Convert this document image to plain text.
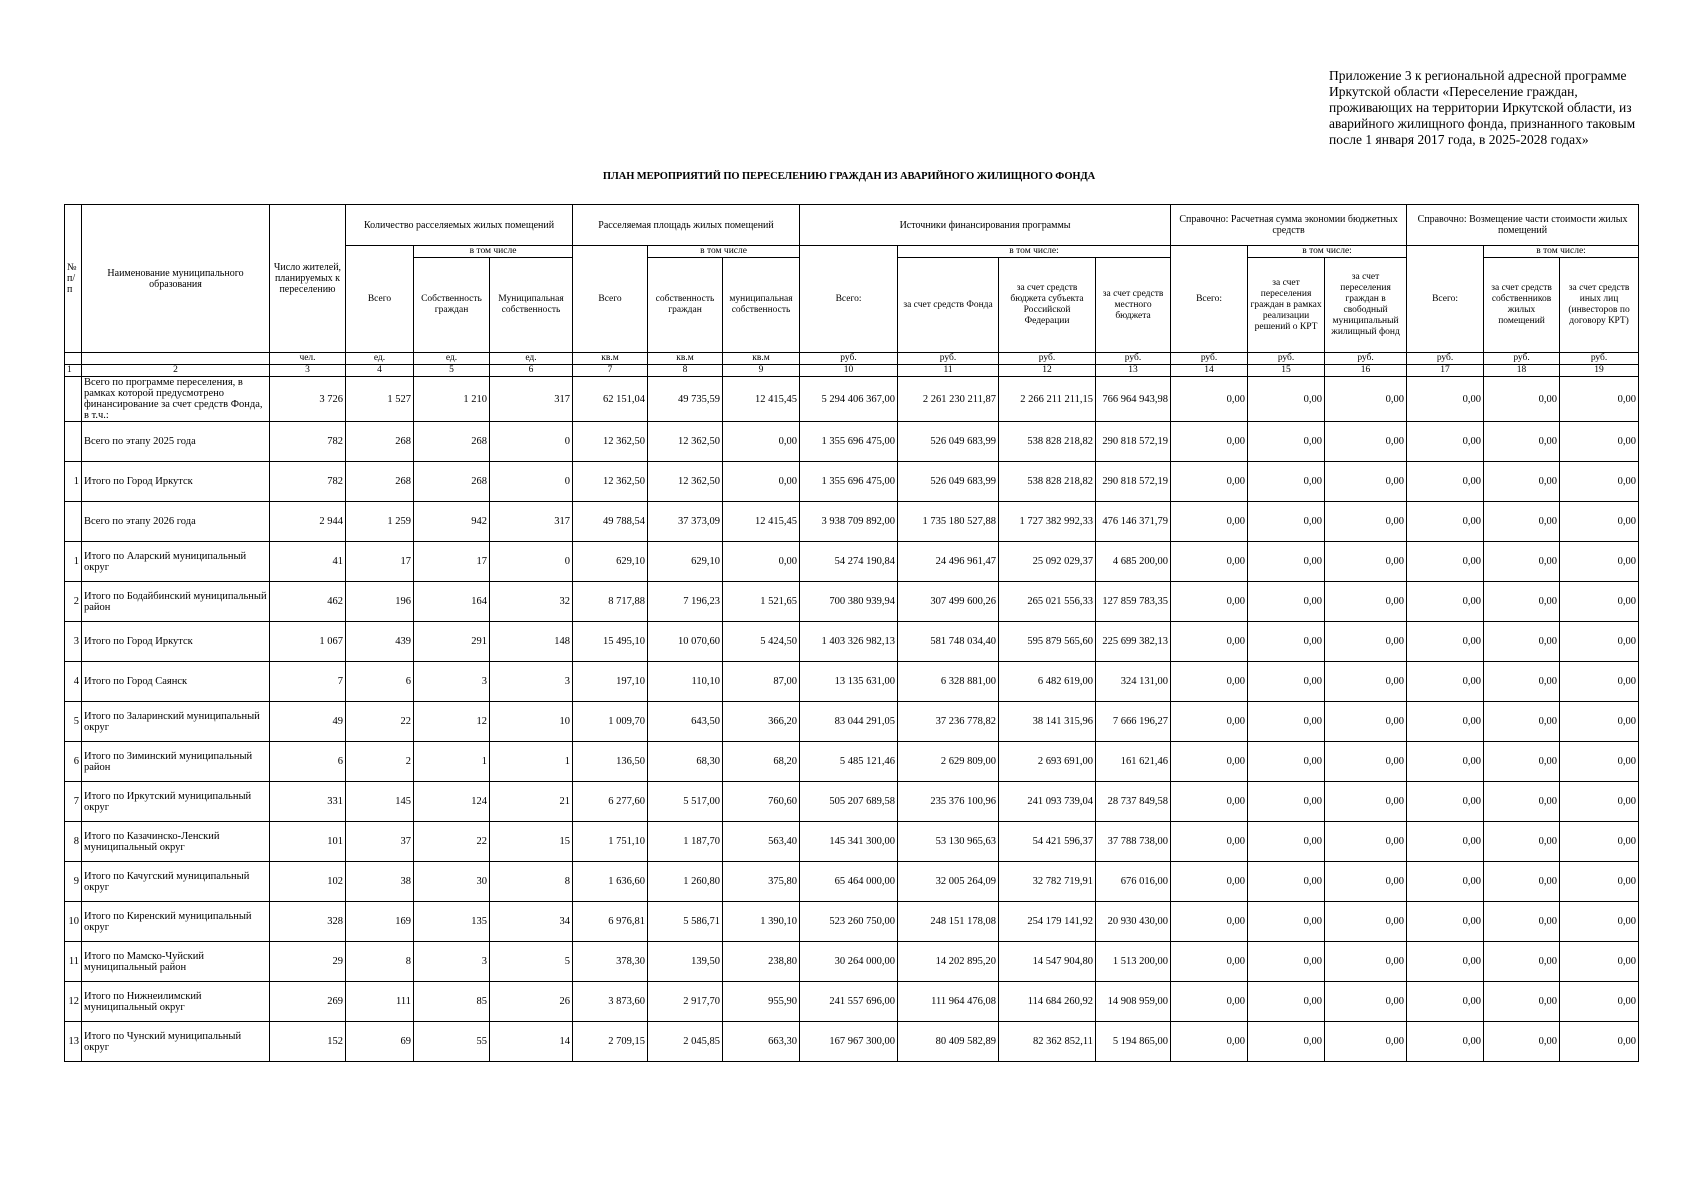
Приложение 3 к региональной адресной программе
Иркутской области «Переселение граждан,
проживающих на территории Иркутской области, из
аварийного жилищного фонда, признанного таковым
после 1 января 2017 года, в 2025-2028 годах»
ПЛАН МЕРОПРИЯТИЙ ПО ПЕРЕСЕЛЕНИЮ ГРАЖДАН ИЗ АВАРИЙНОГО ЖИЛИЩНОГО ФОНДА
№ п/ п	Наименование муниципального образования	Число жителей, планируемых к переселению	Количество расселяемых жилых помещений			Расселяемая площадь жилых помещений			Источники финансирования программы				Справочно: Расчетная сумма экономии бюджетных средств			Справочно: Возмещение части стоимости жилых помещений		
			Всего	в том числе		Всего	в том числе		Всего:	в том числе:			Всего:	в том числе:		Всего:	в том числе:	
				Собственность граждан	Муниципальная собственность		собственность граждан	муниципальная собственность		за счет средств Фонда	за счет средств бюджета субъекта Российской Федерации	за счет средств местного бюджета		за счет переселения граждан в рамках реализации решений о КРТ	за счет переселения граждан в свободный муниципальный жилищный фонд		за счет средств собственников жилых помещений	за счет средств иных лиц (инвесторов по договору КРТ)
		чел.	ед.	ед.	ед.	кв.м	кв.м	кв.м	руб.	руб.	руб.	руб.	руб.	руб.	руб.	руб.	руб.	руб.
1	2	3	4	5	6	7	8	9	10	11	12	13	14	15	16	17	18	19
	Всего по программе переселения, в рамках которой предусмотрено финансирование за счет средств Фонда, в т.ч.:	3 726	1 527	1 210	317	62 151,04	49 735,59	12 415,45	5 294 406 367,00	2 261 230 211,87	2 266 211 211,15	766 964 943,98	0,00	0,00	0,00	0,00	0,00	0,00
	Всего по этапу 2025 года	782	268	268	0	12 362,50	12 362,50	0,00	1 355 696 475,00	526 049 683,99	538 828 218,82	290 818 572,19	0,00	0,00	0,00	0,00	0,00	0,00
1	Итого по Город Иркутск	782	268	268	0	12 362,50	12 362,50	0,00	1 355 696 475,00	526 049 683,99	538 828 218,82	290 818 572,19	0,00	0,00	0,00	0,00	0,00	0,00
	Всего по этапу 2026 года	2 944	1 259	942	317	49 788,54	37 373,09	12 415,45	3 938 709 892,00	1 735 180 527,88	1 727 382 992,33	476 146 371,79	0,00	0,00	0,00	0,00	0,00	0,00
1	Итого по Аларский муниципальный округ	41	17	17	0	629,10	629,10	0,00	54 274 190,84	24 496 961,47	25 092 029,37	4 685 200,00	0,00	0,00	0,00	0,00	0,00	0,00
2	Итого по Бодайбинский муниципальный район	462	196	164	32	8 717,88	7 196,23	1 521,65	700 380 939,94	307 499 600,26	265 021 556,33	127 859 783,35	0,00	0,00	0,00	0,00	0,00	0,00
3	Итого по Город Иркутск	1 067	439	291	148	15 495,10	10 070,60	5 424,50	1 403 326 982,13	581 748 034,40	595 879 565,60	225 699 382,13	0,00	0,00	0,00	0,00	0,00	0,00
4	Итого по Город Саянск	7	6	3	3	197,10	110,10	87,00	13 135 631,00	6 328 881,00	6 482 619,00	324 131,00	0,00	0,00	0,00	0,00	0,00	0,00
5	Итого по Заларинский муниципальный округ	49	22	12	10	1 009,70	643,50	366,20	83 044 291,05	37 236 778,82	38 141 315,96	7 666 196,27	0,00	0,00	0,00	0,00	0,00	0,00
6	Итого по Зиминский муниципальный район	6	2	1	1	136,50	68,30	68,20	5 485 121,46	2 629 809,00	2 693 691,00	161 621,46	0,00	0,00	0,00	0,00	0,00	0,00
7	Итого по Иркутский муниципальный округ	331	145	124	21	6 277,60	5 517,00	760,60	505 207 689,58	235 376 100,96	241 093 739,04	28 737 849,58	0,00	0,00	0,00	0,00	0,00	0,00
8	Итого по Казачинско-Ленский муниципальный округ	101	37	22	15	1 751,10	1 187,70	563,40	145 341 300,00	53 130 965,63	54 421 596,37	37 788 738,00	0,00	0,00	0,00	0,00	0,00	0,00
9	Итого по Качугский муниципальный округ	102	38	30	8	1 636,60	1 260,80	375,80	65 464 000,00	32 005 264,09	32 782 719,91	676 016,00	0,00	0,00	0,00	0,00	0,00	0,00
10	Итого по Киренский муниципальный округ	328	169	135	34	6 976,81	5 586,71	1 390,10	523 260 750,00	248 151 178,08	254 179 141,92	20 930 430,00	0,00	0,00	0,00	0,00	0,00	0,00
11	Итого по Мамско-Чуйский муниципальный район	29	8	3	5	378,30	139,50	238,80	30 264 000,00	14 202 895,20	14 547 904,80	1 513 200,00	0,00	0,00	0,00	0,00	0,00	0,00
12	Итого по Нижнеилимский муниципальный округ	269	111	85	26	3 873,60	2 917,70	955,90	241 557 696,00	111 964 476,08	114 684 260,92	14 908 959,00	0,00	0,00	0,00	0,00	0,00	0,00
13	Итого по Чунский муниципальный округ	152	69	55	14	2 709,15	2 045,85	663,30	167 967 300,00	80 409 582,89	82 362 852,11	5 194 865,00	0,00	0,00	0,00	0,00	0,00	0,00
